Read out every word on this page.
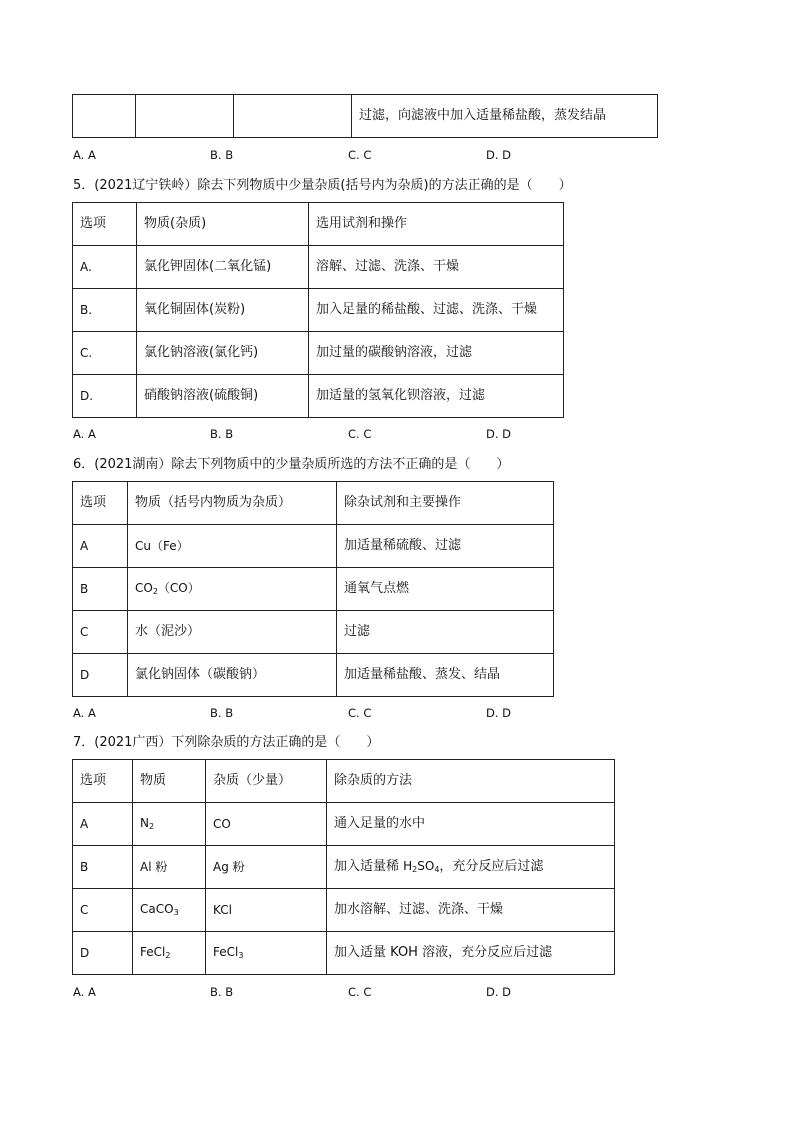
			过滤，向滤液中加入适量稀盐酸，蒸发结晶
A. A	B. B	C. C	D. D
5．(2021辽宁铁岭）除去下列物质中少量杂质(括号内为杂质)的方法正确的是（　　）
选项	物质(杂质)	选用试剂和操作
A.	氯化钾固体(二氧化锰)	溶解、过滤、洗涤、干燥
B.	氧化铜固体(炭粉)	加入足量的稀盐酸、过滤、洗涤、干燥
C.	氯化钠溶液(氯化钙)	加过量的碳酸钠溶液，过滤
D.	硝酸钠溶液(硫酸铜)	加适量的氢氧化钡溶液，过滤
A. A	B. B	C. C	D. D
6．(2021湖南）除去下列物质中的少量杂质所选的方法不正确的是（　　）
选项	物质（括号内物质为杂质）	除杂试剂和主要操作
A	Cu（Fe）	加适量稀硫酸、过滤
B	$CO_2(CO)$	通氧气点燃
C	水（泥沙）	过滤
D	氯化钠固体（碳酸钠）	加适量稀盐酸、蒸发、结晶
A. A	B. B	C. C	D. D
7．(2021广西）下列除杂质的方法正确的是（　　）
选项	物质	杂质（少量）	除杂质的方法
A	$N_2$	CO	通入足量的水中
B	Al 粉	Ag 粉	加入适量稀 $H_2SO_4$，充分反应后过滤
C	CaCO$_3$	KCl	加水溶解、过滤、洗涤、干燥
D	FeCl$_2$	FeCl$_3$	加入适量 KOH 溶液，充分反应后过滤
A. A	B. B	C. C	D. D
